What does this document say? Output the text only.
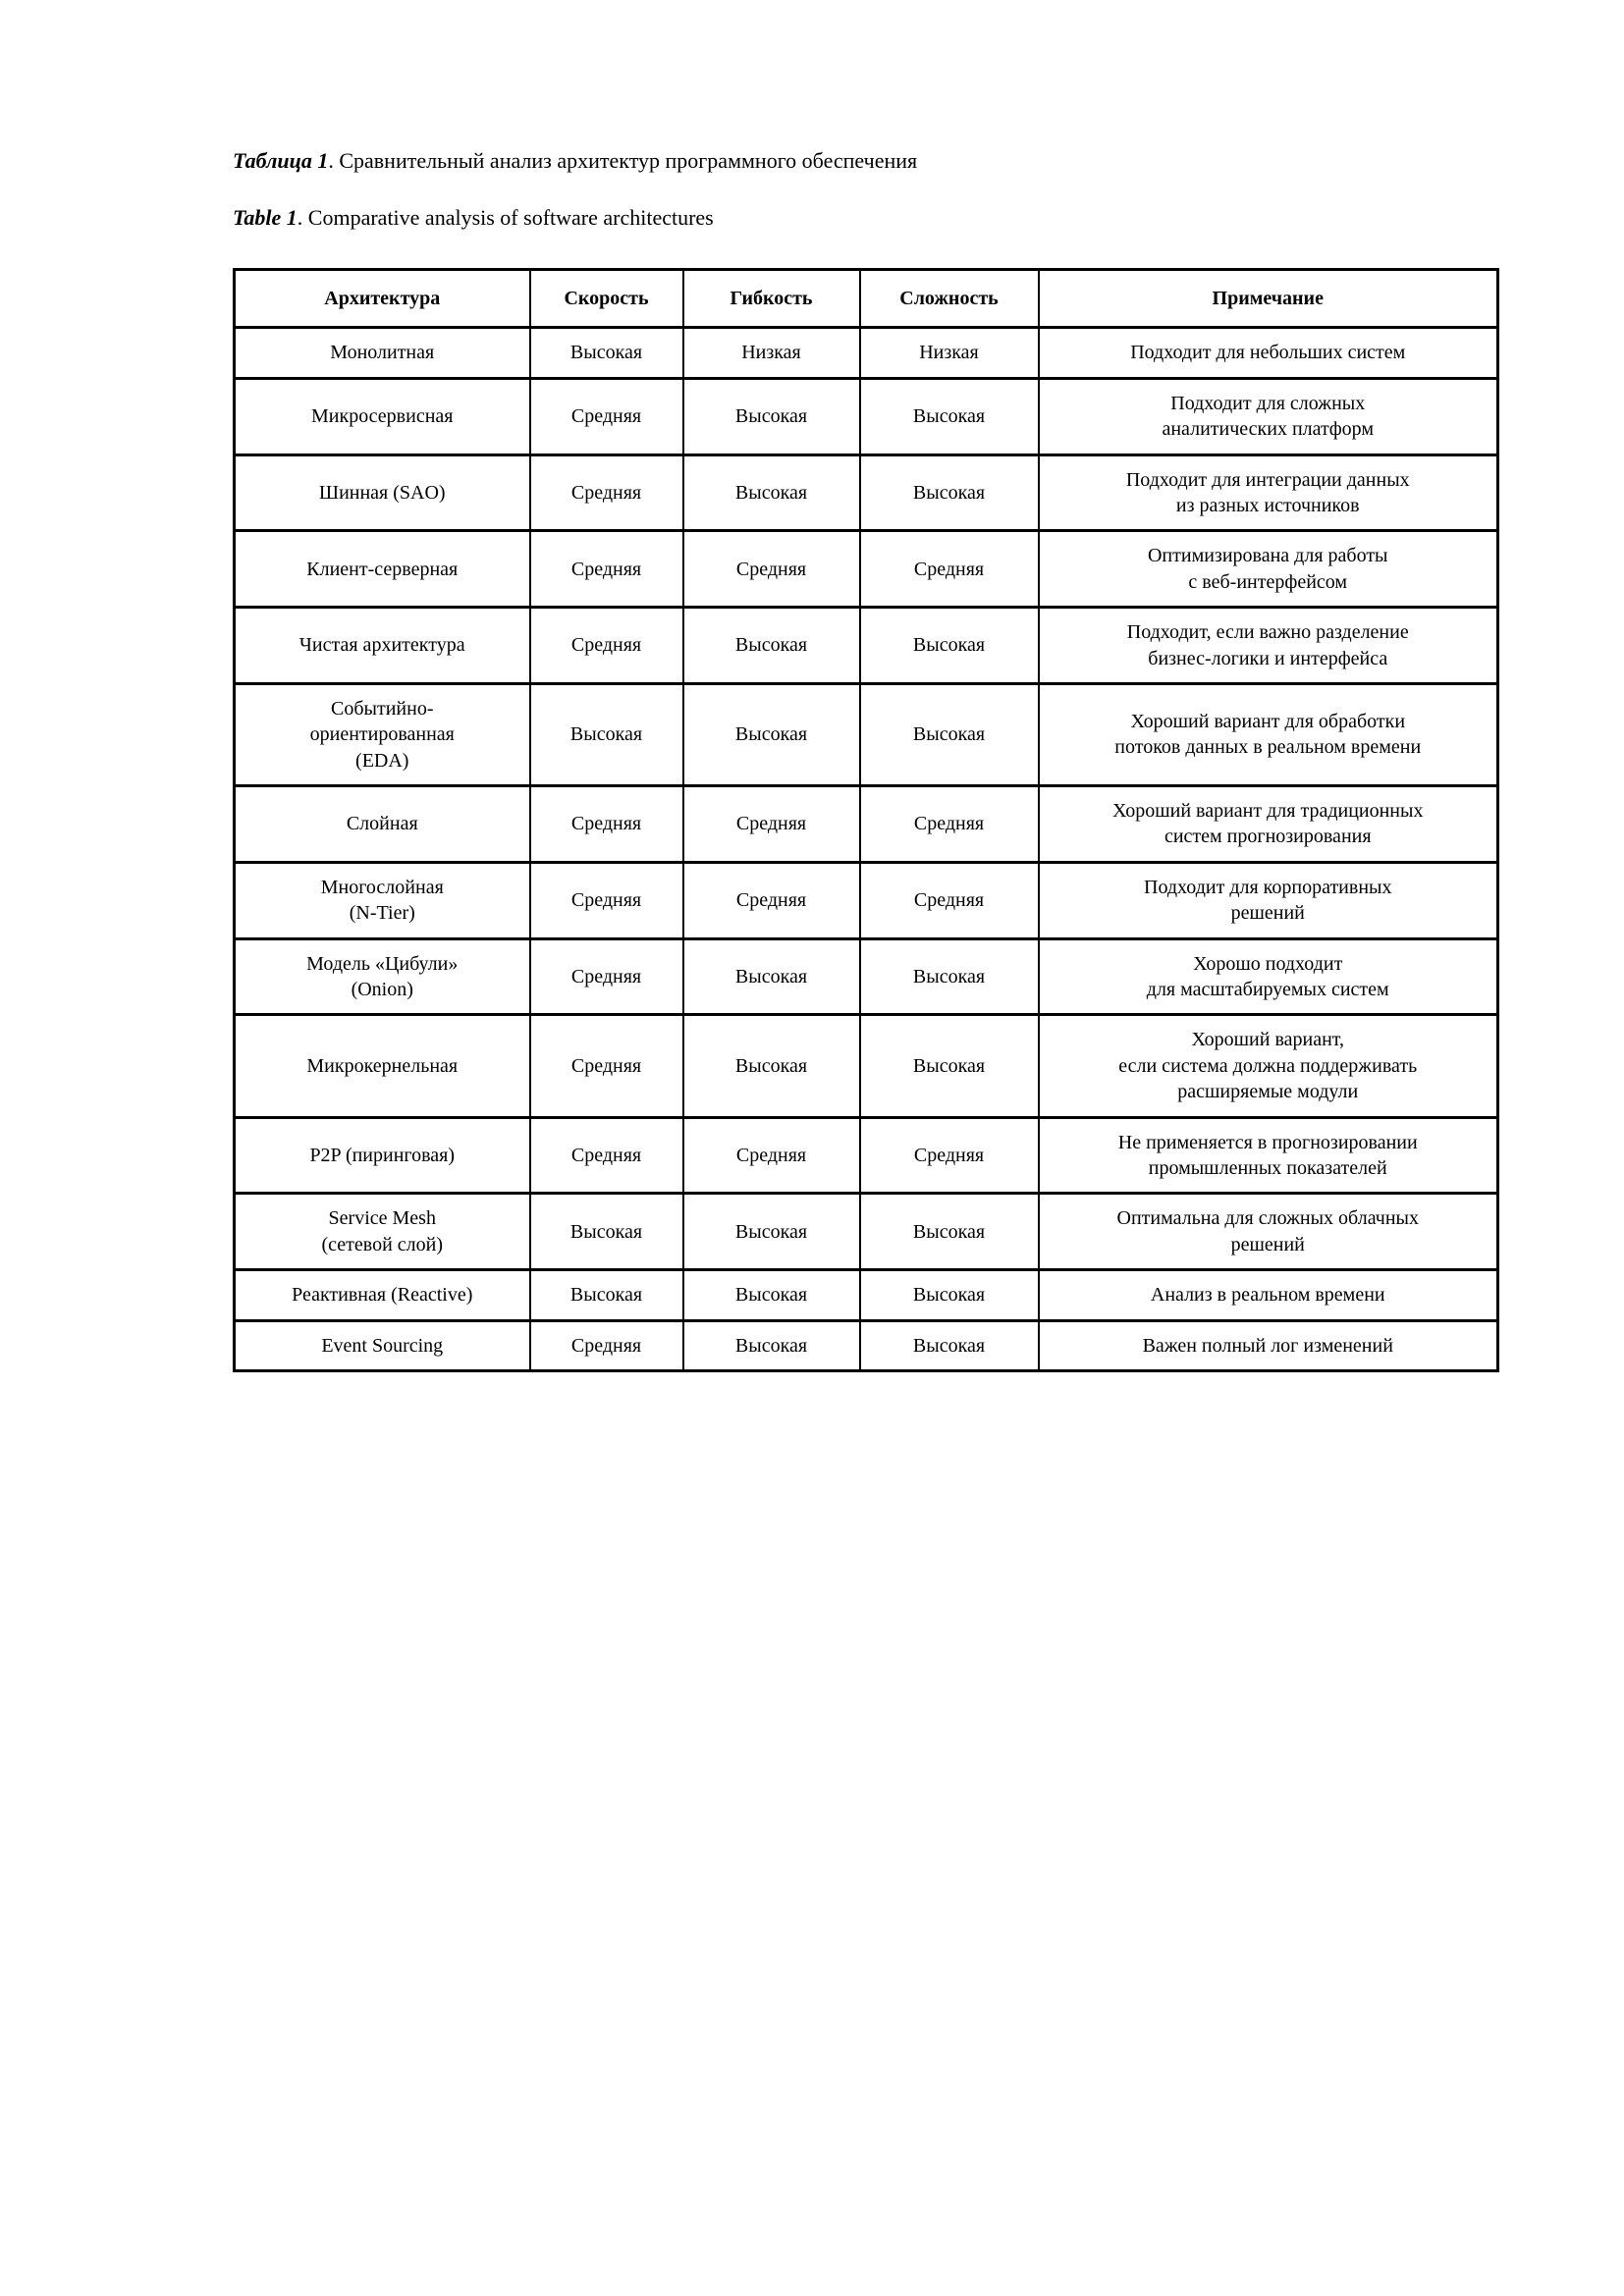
Таблица 1. Сравнительный анализ архитектур программного обеспечения

Table 1. Comparative analysis of software architectures

Архитектура	Скорость	Гибкость	Сложность	Примечание
Монолитная	Высокая	Низкая	Низкая	Подходит для небольших систем
Микросервисная	Средняя	Высокая	Высокая	Подходит для сложных
аналитических платформ
Шинная (SAO)	Средняя	Высокая	Высокая	Подходит для интеграции данных
из разных источников
Клиент-серверная	Средняя	Средняя	Средняя	Оптимизирована для работы
с веб-интерфейсом
Чистая архитектура	Средняя	Высокая	Высокая	Подходит, если важно разделение
бизнес-логики и интерфейса
Событийно-
ориентированная
(EDA)	Высокая	Высокая	Высокая	Хороший вариант для обработки
потоков данных в реальном времени
Слойная	Средняя	Средняя	Средняя	Хороший вариант для традиционных
систем прогнозирования
Многослойная
(N-Tier)	Средняя	Средняя	Средняя	Подходит для корпоративных
решений
Модель «Цибули»
(Onion)	Средняя	Высокая	Высокая	Хорошо подходит
для масштабируемых систем
Микрокернельная	Средняя	Высокая	Высокая	Хороший вариант,
если система должна поддерживать
расширяемые модули
P2P (пиринговая)	Средняя	Средняя	Средняя	Не применяется в прогнозировании
промышленных показателей
Service Mesh
(сетевой слой)	Высокая	Высокая	Высокая	Оптимальна для сложных облачных
решений
Реактивная (Reactive)	Высокая	Высокая	Высокая	Анализ в реальном времени
Event Sourcing	Средняя	Высокая	Высокая	Важен полный лог изменений
